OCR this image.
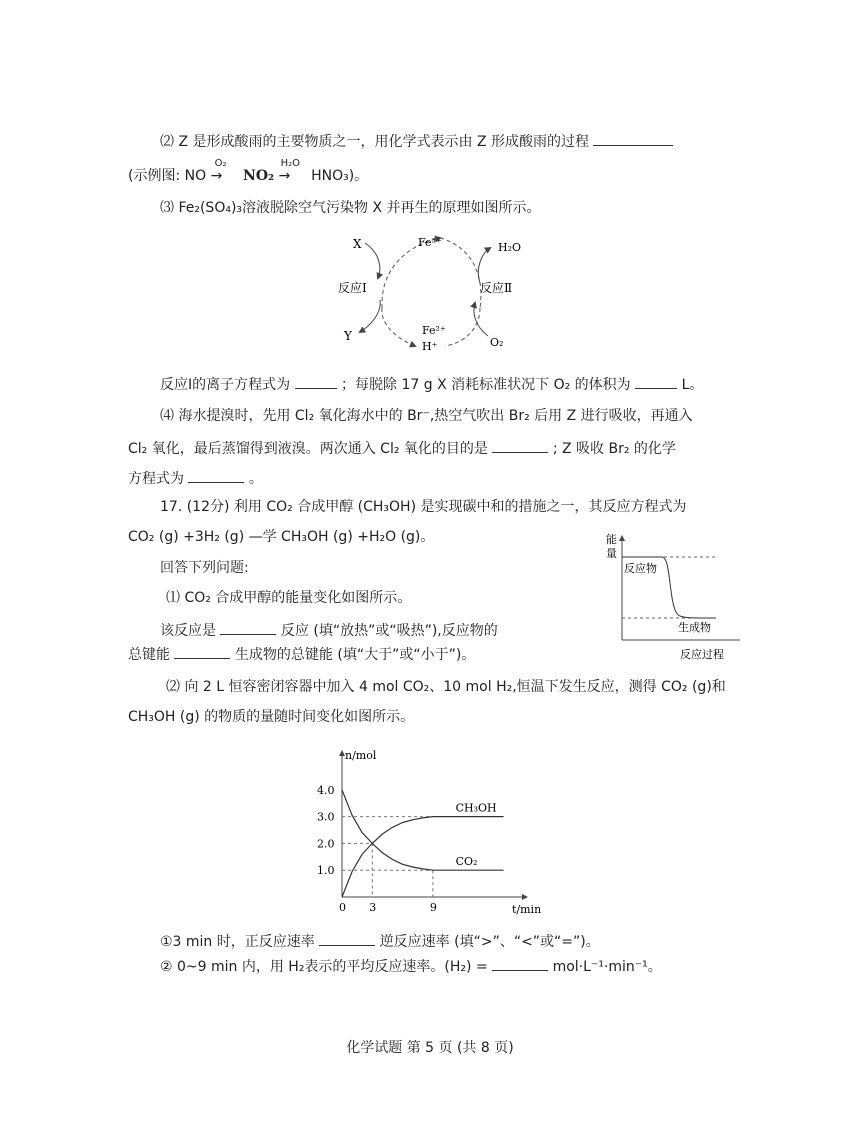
⑵ Z 是形成酸雨的主要物质之一，用化学式表示由 Z 形成酸雨的过程
(示例图: NO
O₂
→ NO₂
H₂O
→ HNO₃)。
⑶ Fe₂(SO₄)₃溶液脱除空气污染物 X 并再生的原理如图所示。
X	Fe³⁺	H₂O
反应Ⅰ	反应Ⅱ
Y	Fe²⁺
H⁺	O₂
反应Ⅰ的离子方程式为	；每脱除 17 g X 消耗标准状况下 O₂ 的体积为	L。
⑷ 海水提溴时，先用 Cl₂ 氧化海水中的 Br⁻,热空气吹出 Br₂ 后用 Z 进行吸收，再通入
Cl₂ 氧化，最后蒸馏得到液溴。两次通入 Cl₂ 氧化的目的是	; Z 吸收 Br₂ 的化学
方程式为	。
17. (12分) 利用 CO₂ 合成甲醇 (CH₃OH) 是实现碳中和的措施之一，其反应方程式为
CO₂ (g) +3H₂ (g) —学 CH₃OH (g) +H₂O (g)。
回答下列问题:
⑴ CO₂ 合成甲醇的能量变化如图所示。
该反应是	反应 (填“放热”或“吸热”),反应物的
总键能	生成物的总键能 (填“大于”或“小于”)。
能
量
反应物
生成物
反应过程
⑵ 向 2 L 恒容密闭容器中加入 4 mol CO₂、10 mol H₂,恒温下发生反应，测得 CO₂ (g)和
CH₃OH (g) 的物质的量随时间变化如图所示。
n/mol
t/min
1.0
2.0
3.0
4.0
0 3	9
CH₃OH
CO₂
①3 min 时，正反应速率	逆反应速率 (填“>”、“<”或“=”)。
② 0~9 min 内，用 H₂表示的平均反应速率。(H₂) =	mol·L⁻¹·min⁻¹。
化学试题 第 5 页 (共 8 页)
